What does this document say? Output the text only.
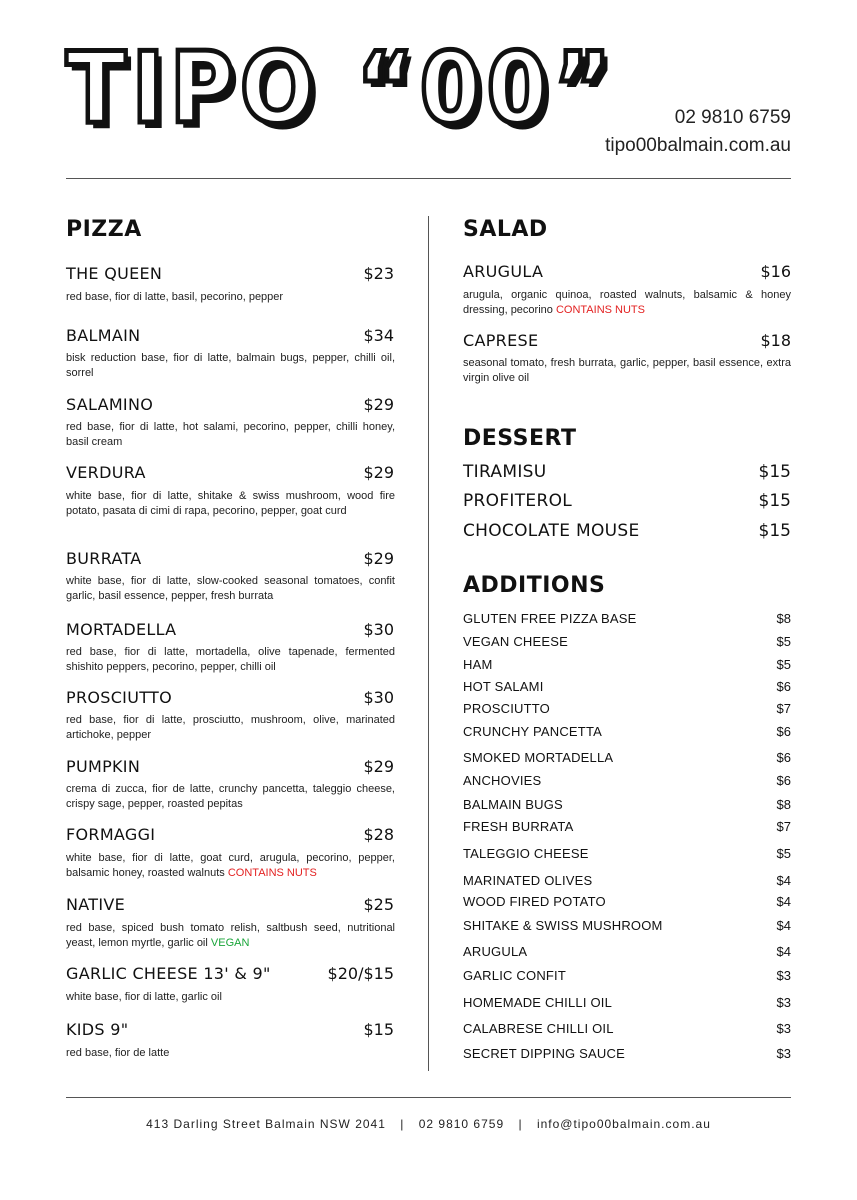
TIPO “00”	02 9810 6759
tipo00balmain.com.au
PIZZA
THE QUEEN	$23
red base, fior di latte, basil, pecorino, pepper
BALMAIN	$34
bisk reduction base, fior di latte, balmain bugs, pepper, chilli oil, sorrel
SALAMINO	$29
red base, fior di latte, hot salami, pecorino, pepper, chilli honey, basil cream
VERDURA	$29
white base, fior di latte, shitake & swiss mushroom, wood fire potato, pasata di cimi di rapa, pecorino, pepper, goat curd
BURRATA	$29
white base, fior di latte, slow-cooked seasonal tomatoes, confit garlic, basil essence, pepper, fresh burrata
MORTADELLA	$30
red base, fior di latte, mortadella, olive tapenade, fermented shishito peppers, pecorino, pepper, chilli oil
PROSCIUTTO	$30
red base, fior di latte, prosciutto, mushroom, olive, marinated artichoke, pepper
PUMPKIN	$29
crema di zucca, fior de latte, crunchy pancetta, taleggio cheese, crispy sage, pepper, roasted pepitas
FORMAGGI	$28
white base, fior di latte, goat curd, arugula, pecorino, pepper, balsamic honey, roasted walnuts CONTAINS NUTS
NATIVE	$25
red base, spiced bush tomato relish, saltbush seed, nutritional yeast, lemon myrtle, garlic oil VEGAN
GARLIC CHEESE 13' & 9"	$20/$15
white base, fior di latte, garlic oil
KIDS 9"	$15
red base, fior de latte
SALAD
ARUGULA	$16
arugula, organic quinoa, roasted walnuts, balsamic & honey dressing, pecorino CONTAINS NUTS
CAPRESE	$18
seasonal tomato, fresh burrata, garlic, pepper, basil essence, extra virgin olive oil
DESSERT
TIRAMISU	$15
PROFITEROL	$15
CHOCOLATE MOUSE	$15
ADDITIONS
GLUTEN FREE PIZZA BASE	$8
VEGAN CHEESE	$5
HAM	$5
HOT SALAMI	$6
PROSCIUTTO	$7
CRUNCHY PANCETTA	$6
SMOKED MORTADELLA	$6
ANCHOVIES	$6
BALMAIN BUGS	$8
FRESH BURRATA	$7
TALEGGIO CHEESE	$5
MARINATED OLIVES	$4
WOOD FIRED POTATO	$4
SHITAKE & SWISS MUSHROOM	$4
ARUGULA	$4
GARLIC CONFIT	$3
HOMEMADE CHILLI OIL	$3
CALABRESE CHILLI OIL	$3
SECRET DIPPING SAUCE	$3
413 Darling Street Balmain NSW 2041 | 02 9810 6759 | info@tipo00balmain.com.au
